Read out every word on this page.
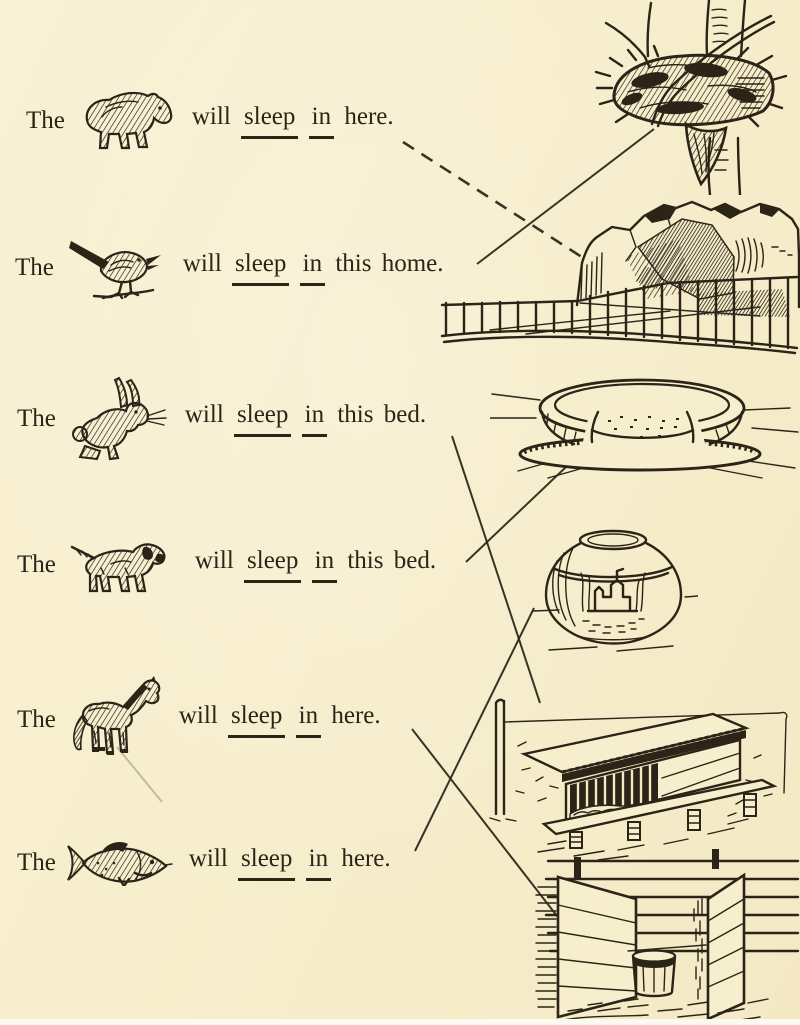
The	will sleep in here.
The	will sleep in this home.
The	will sleep in this bed.
The	will sleep in this bed.
The	will sleep in here.
The	will sleep in here.
